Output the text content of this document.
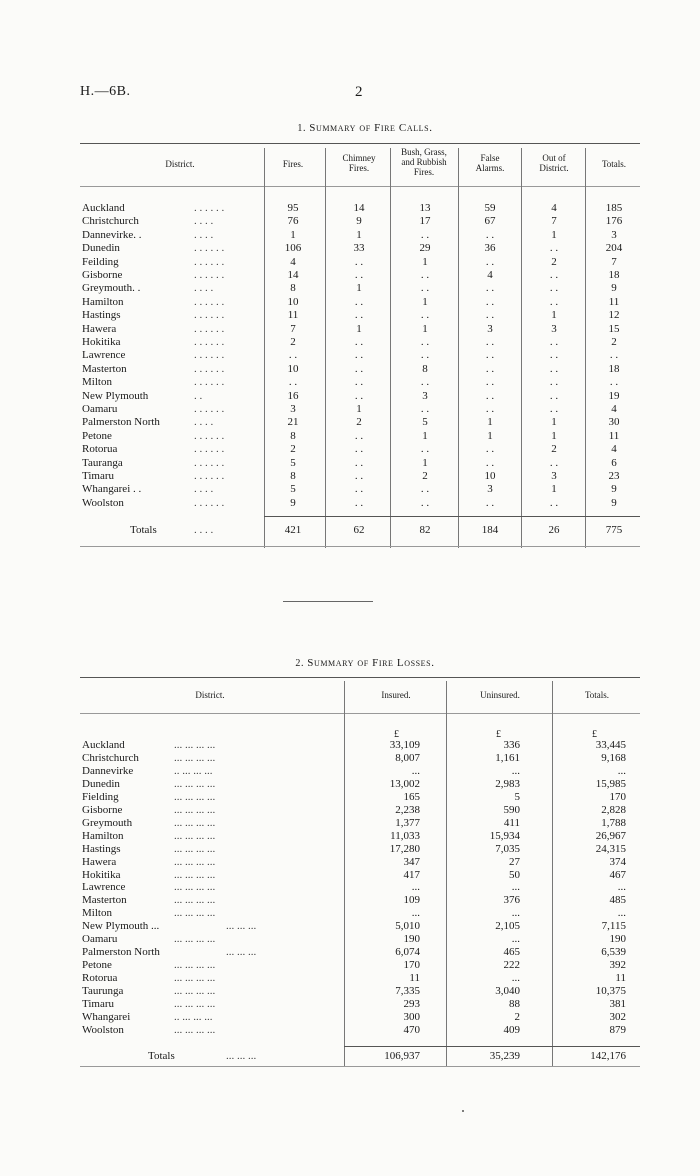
H.—6B.	2
1. Summary of Fire Calls.
District.	Fires.
Chimney
Fires.
Bush, Grass,
and Rubbish
Fires.
False
Alarms.
Out of
District.	Totals.
Auckland	. . . . . .	95	14	13	59	4	185
Christchurch	. . . .	76	9	17	67	7	176
Dannevirke. .	. . . .	1	1	. .	. .	1	3
Dunedin	. . . . . .	106	33	29	36	. .	204
Feilding	. . . . . .	4	. .	1	. .	2	7
Gisborne	. . . . . .	14	. .	. .	4	. .	18
Greymouth. .	. . . .	8	1	. .	. .	. .	9
Hamilton	. . . . . .	10	. .	1	. .	. .	11
Hastings	. . . . . .	11	. .	. .	. .	1	12
Hawera	. . . . . .	7	1	1	3	3	15
Hokitika	. . . . . .	2	. .	. .	. .	. .	2
Lawrence	. . . . . .	. .	. .	. .	. .	. .	. .
Masterton	. . . . . .	10	. .	8	. .	. .	18
Milton	. . . . . .	. .	. .	. .	. .	. .	. .
New Plymouth	. .	16	. .	3	. .	. .	19
Oamaru	. . . . . .	3	1	. .	. .	. .	4
Palmerston North	. . . .	21	2	5	1	1	30
Petone	. . . . . .	8	. .	1	1	1	11
Rotorua	. . . . . .	2	. .	. .	. .	2	4
Tauranga	. . . . . .	5	. .	1	. .	. .	6
Timaru	. . . . . .	8	. .	2	10	3	23
Whangarei . .	. . . .	5	. .	. .	3	1	9
Woolston	. . . . . .	9	. .	. .	. .	. .	9
Totals	. . . .	421	62	82	184	26	775
2. Summary of Fire Losses.
District.	Insured.	Uninsured.	Totals.
£	£	£
Auckland	... ... ... ...	33,109	336	33,445
Christchurch	... ... ... ...	8,007	1,161	9,168
Dannevirke	.. ... ... ...	...	...	...
Dunedin	... ... ... ...	13,002	2,983	15,985
Fielding	... ... ... ...	165	5	170
Gisborne	... ... ... ...	2,238	590	2,828
Greymouth	... ... ... ...	1,377	411	1,788
Hamilton	... ... ... ...	11,033	15,934	26,967
Hastings	... ... ... ...	17,280	7,035	24,315
Hawera	... ... ... ...	347	27	374
Hokitika	... ... ... ...	417	50	467
Lawrence	... ... ... ...	...	...	...
Masterton	... ... ... ...	109	376	485
Milton	... ... ... ...	...	...	...
New Plymouth ...	... ... ...	5,010	2,105	7,115
Oamaru	... ... ... ...	190	...	190
Palmerston North	... ... ...	6,074	465	6,539
Petone	... ... ... ...	170	222	392
Rotorua	... ... ... ...	11	...	11
Taurunga	... ... ... ...	7,335	3,040	10,375
Timaru	... ... ... ...	293	88	381
Whangarei	.. ... ... ...	300	2	302
Woolston	... ... ... ...	470	409	879
Totals	... ... ...	106,937	35,239	142,176
